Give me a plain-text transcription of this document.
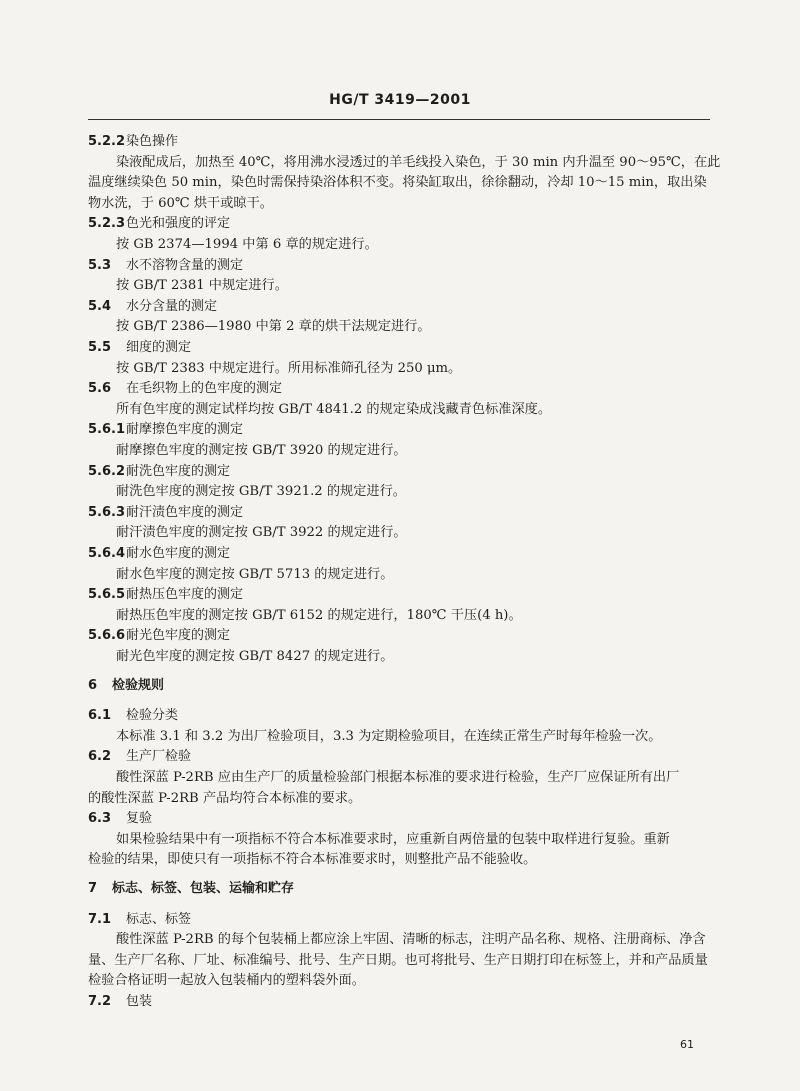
HG/T 3419—2001
5.2.2染色操作
染液配成后，加热至 40℃，将用沸水浸透过的羊毛线投入染色，于 30 min 内升温至 90～95℃，在此
温度继续染色 50 min，染色时需保持染浴体积不变。将染缸取出，徐徐翻动，冷却 10～15 min，取出染
物水洗，于 60℃ 烘干或晾干。
5.2.3色光和强度的评定
按 GB 2374—1994 中第 6 章的规定进行。
5.3 水不溶物含量的测定
按 GB/T 2381 中规定进行。
5.4 水分含量的测定
按 GB/T 2386—1980 中第 2 章的烘干法规定进行。
5.5 细度的测定
按 GB/T 2383 中规定进行。所用标准筛孔径为 250 μm。
5.6 在毛织物上的色牢度的测定
所有色牢度的测定试样均按 GB/T 4841.2 的规定染成浅藏青色标准深度。
5.6.1耐摩擦色牢度的测定
耐摩擦色牢度的测定按 GB/T 3920 的规定进行。
5.6.2耐洗色牢度的测定
耐洗色牢度的测定按 GB/T 3921.2 的规定进行。
5.6.3耐汗渍色牢度的测定
耐汗渍色牢度的测定按 GB/T 3922 的规定进行。
5.6.4耐水色牢度的测定
耐水色牢度的测定按 GB/T 5713 的规定进行。
5.6.5耐热压色牢度的测定
耐热压色牢度的测定按 GB/T 6152 的规定进行，180℃ 干压(4 h)。
5.6.6耐光色牢度的测定
耐光色牢度的测定按 GB/T 8427 的规定进行。
6 检验规则
6.1 检验分类
本标准 3.1 和 3.2 为出厂检验项目，3.3 为定期检验项目，在连续正常生产时每年检验一次。
6.2 生产厂检验
酸性深蓝 P-2RB 应由生产厂的质量检验部门根据本标准的要求进行检验，生产厂应保证所有出厂
的酸性深蓝 P-2RB 产品均符合本标准的要求。
6.3 复验
如果检验结果中有一项指标不符合本标准要求时，应重新自两倍量的包装中取样进行复验。重新
检验的结果，即使只有一项指标不符合本标准要求时，则整批产品不能验收。
7 标志、标签、包装、运输和贮存
7.1 标志、标签
酸性深蓝 P-2RB 的每个包装桶上都应涂上牢固、清晰的标志，注明产品名称、规格、注册商标、净含
量、生产厂名称、厂址、标准编号、批号、生产日期。也可将批号、生产日期打印在标签上，并和产品质量
检验合格证明一起放入包装桶内的塑料袋外面。
7.2 包装
61
